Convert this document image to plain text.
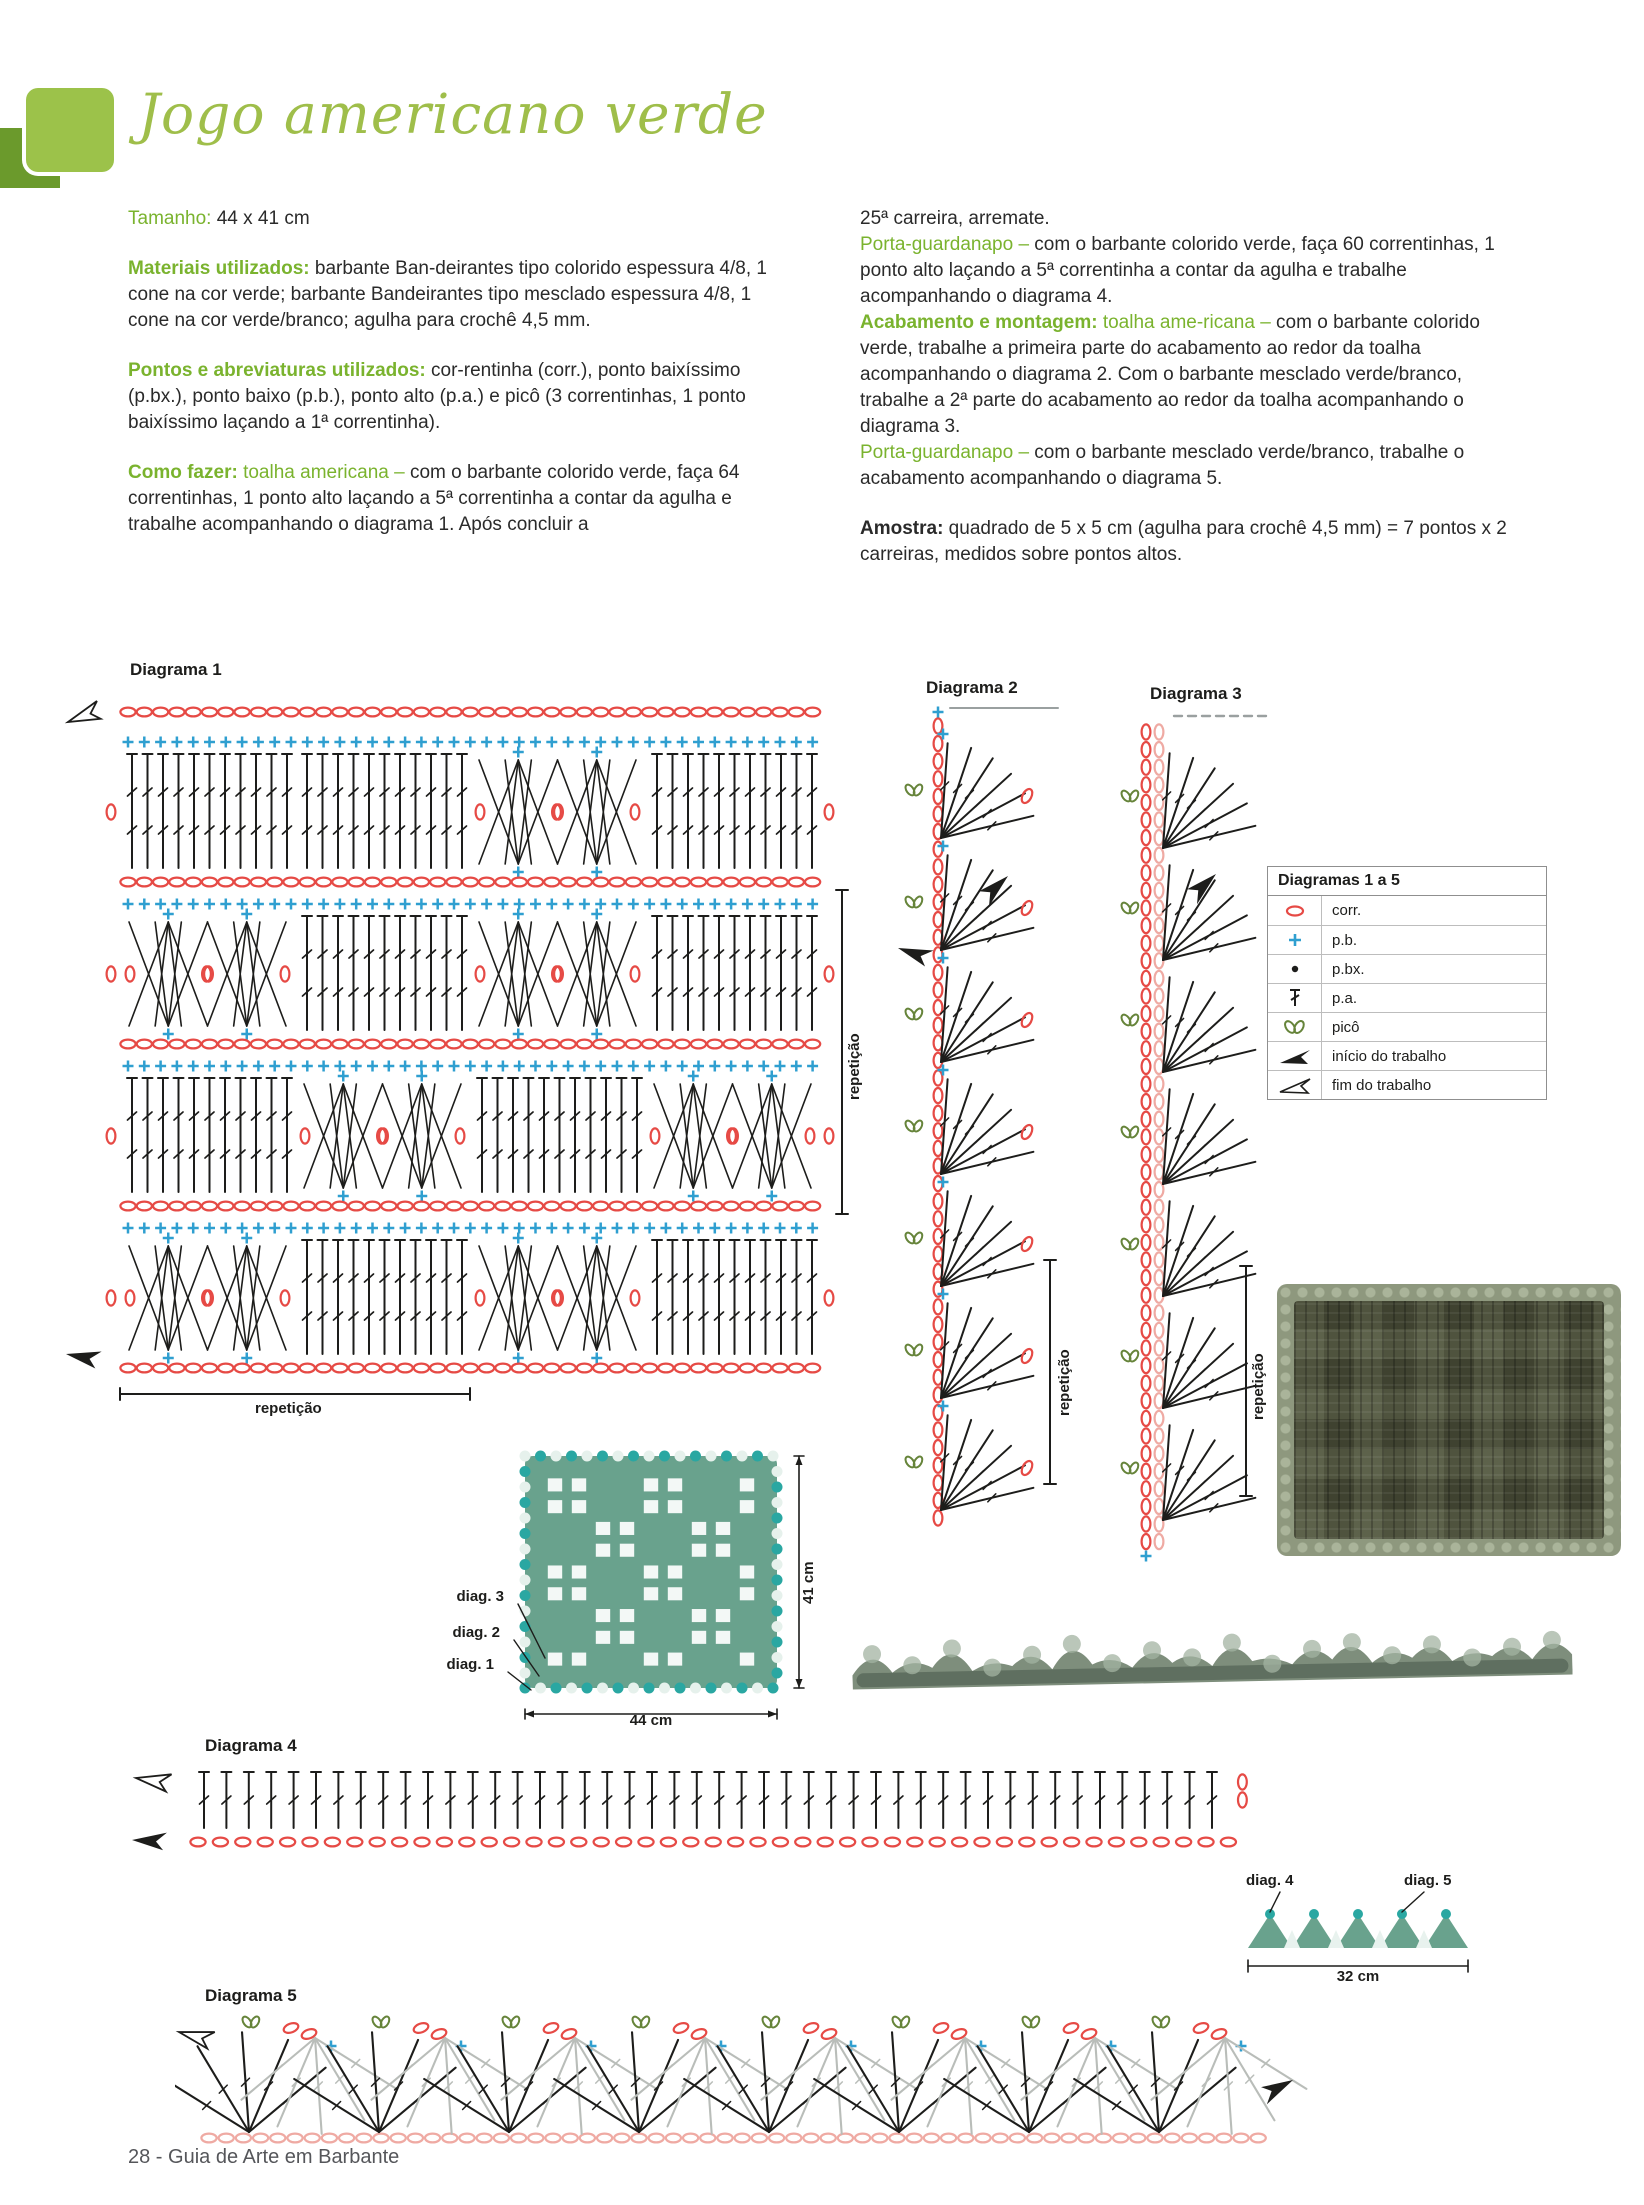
Jogo americano verde

Tamanho: 44 x 41 cm

Materiais utilizados: barbante Ban-deirantes tipo colorido espessura 4/8, 1 cone na cor verde; barbante Bandeirantes tipo mesclado espessura 4/8, 1 cone na cor verde/branco; agulha para crochê 4,5 mm.

Pontos e abreviaturas utilizados: cor-rentinha (corr.), ponto baixíssimo (p.bx.), ponto baixo (p.b.), ponto alto (p.a.) e picô (3 correntinhas, 1 ponto baixíssimo laçando a 1ª correntinha).

Como fazer: toalha americana – com o barbante colorido verde, faça 64 correntinhas, 1 ponto alto laçando a 5ª correntinha a contar da agulha e trabalhe acompanhando o diagrama 1. Após concluir a

25ª carreira, arremate.

Porta-guardanapo – com o barbante colorido verde, faça 60 correntinhas, 1 ponto alto laçando a 5ª correntinha a contar da agulha e trabalhe acompanhando o diagrama 4.

Acabamento e montagem: toalha ame-ricana – com o barbante colorido verde, trabalhe a primeira parte do acabamento ao redor da toalha acompanhando o diagrama 2. Com o barbante mesclado verde/branco, trabalhe a 2ª parte do acabamento ao redor da toalha acompanhando o diagrama 3.

Porta-guardanapo – com o barbante mesclado verde/branco, trabalhe o acabamento acompanhando o diagrama 5.

Amostra: quadrado de 5 x 5 cm (agulha para crochê 4,5 mm) = 7 pontos x 2 carreiras, medidos sobre pontos altos.

Diagrama 1
repetição
repetição
Diagrama 2
repetição
Diagrama 3
repetição
Diagramas 1 a 5
corr.
p.b.
p.bx.
p.a.
picô
início do trabalho
fim do trabalho
41 cm
44 cm
diag. 3
diag. 2
diag. 1
Diagrama 4
diag. 4	diag. 5
32 cm
Diagrama 5
28 - Guia de Arte em Barbante
